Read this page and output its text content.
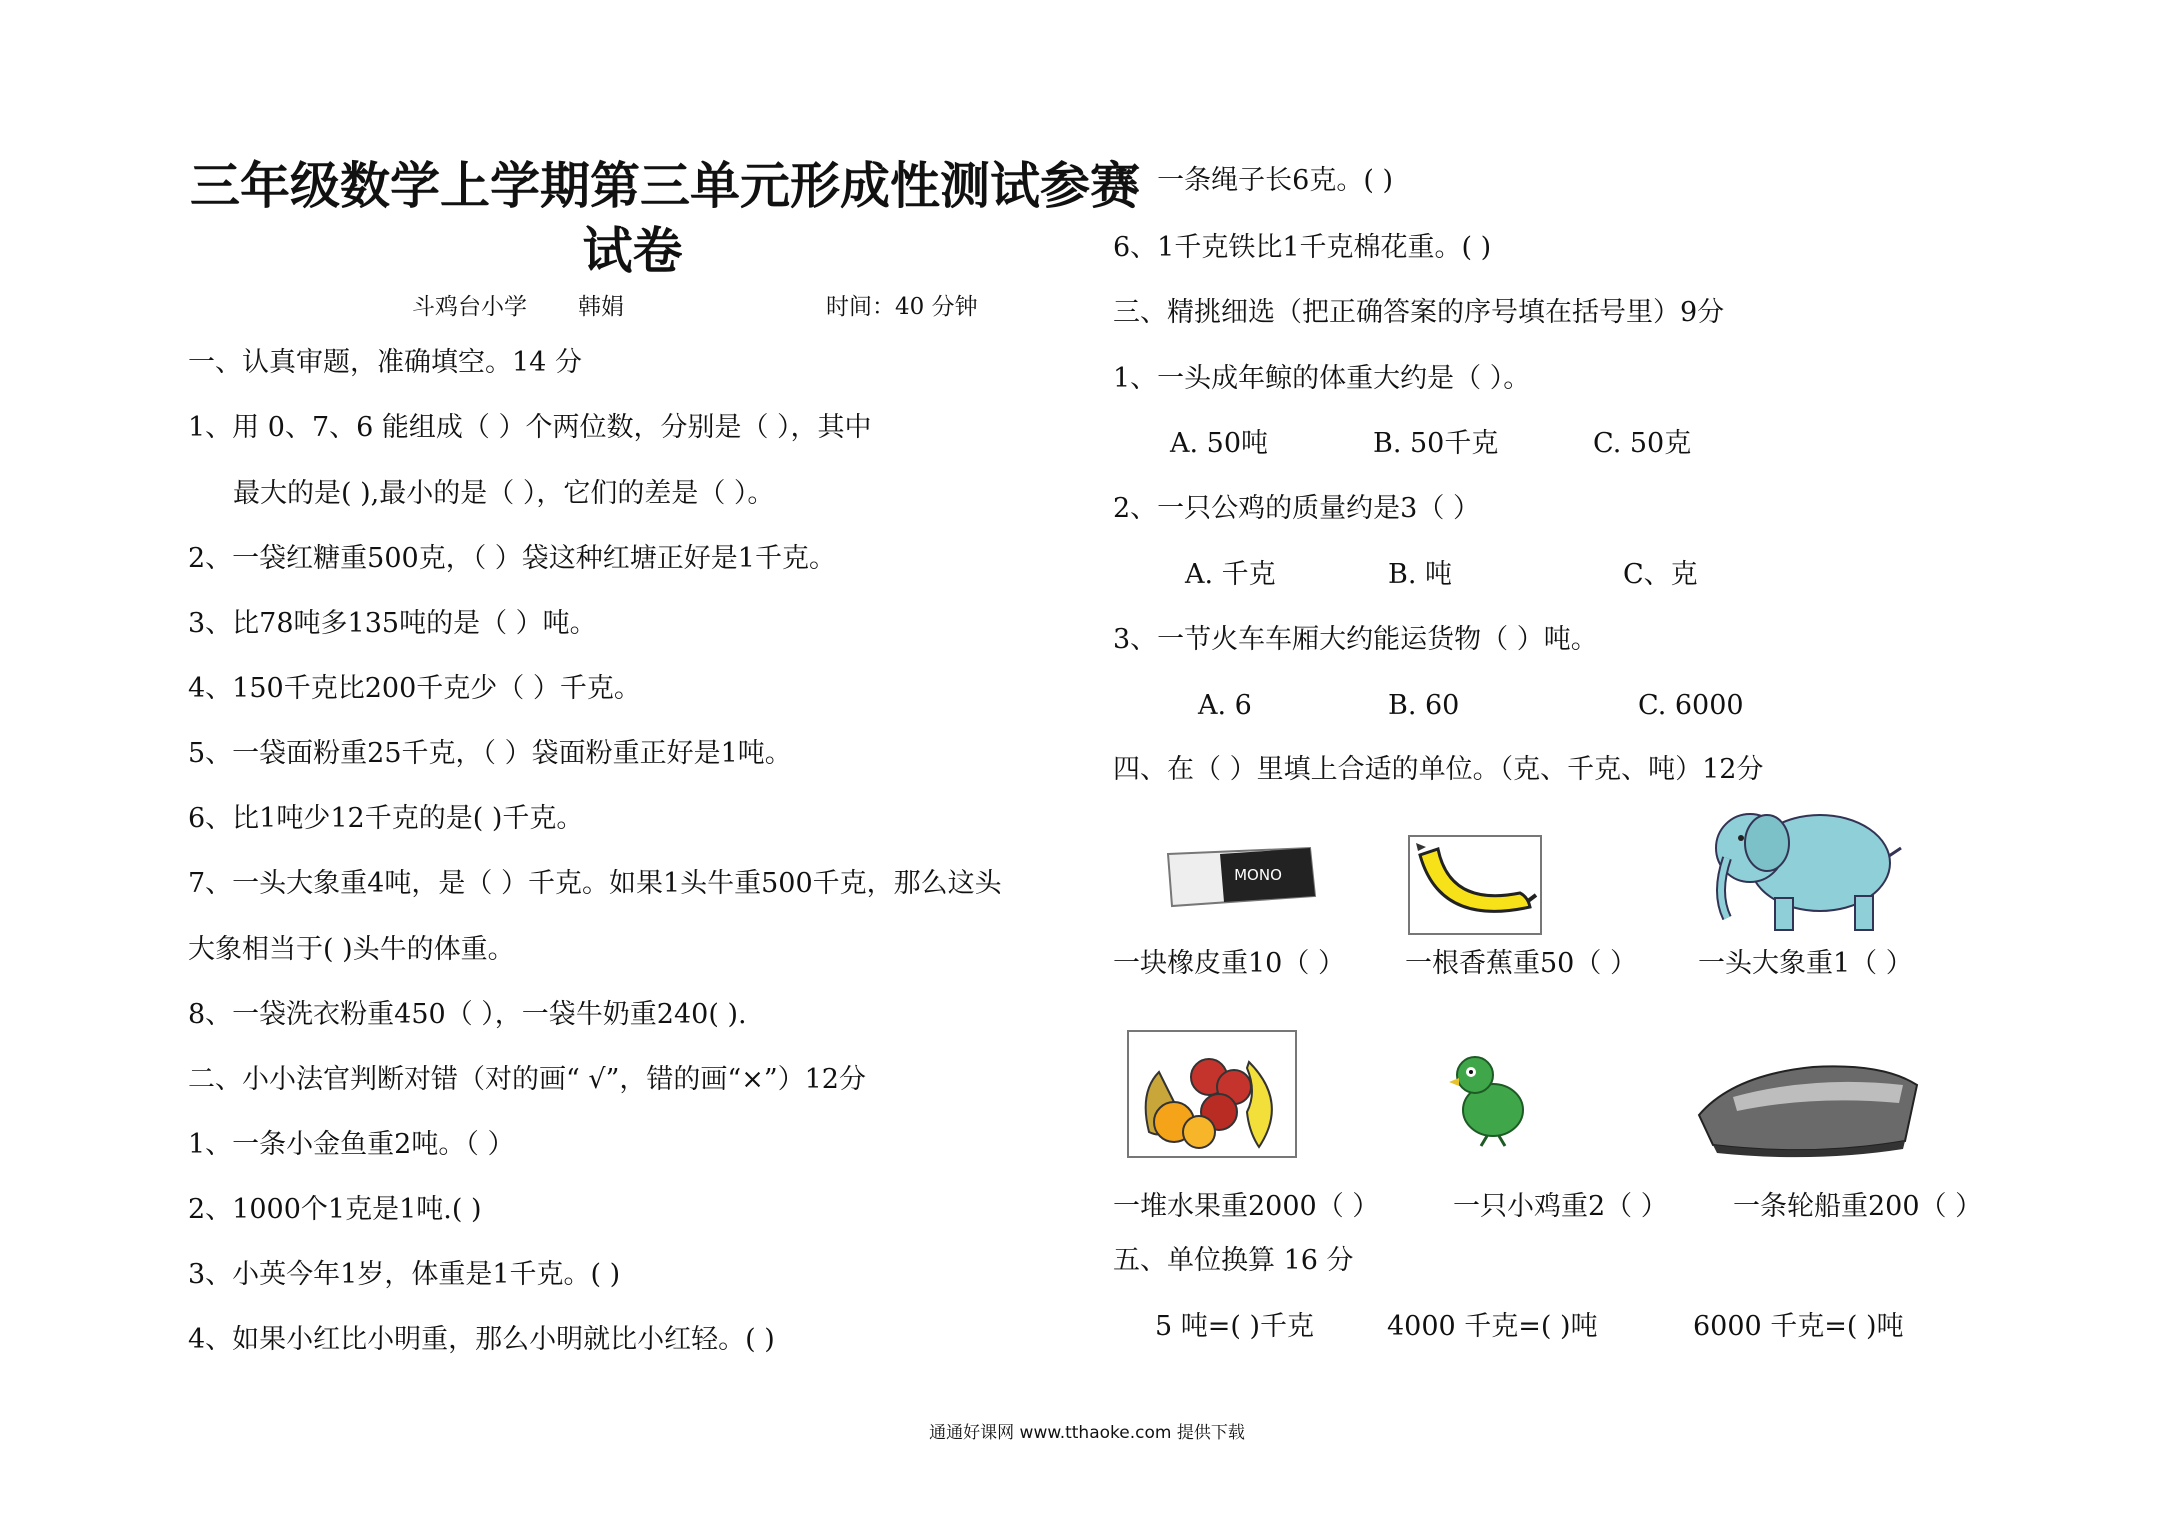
三年级数学上学期第三单元形成性测试参赛
试卷
斗鸡台小学 韩娟	时间：40 分钟
一、认真审题，准确填空。14 分
1、用 0、7、6 能组成（ ）个两位数，分别是（ ），其中
最大的是( ),最小的是（ ），它们的差是（ ）。
2、一袋红糖重500克，（ ）袋这种红塘正好是1千克。
3、比78吨多135吨的是（ ）吨。
4、150千克比200千克少（ ）千克。
5、一袋面粉重25千克，（ ）袋面粉重正好是1吨。
6、比1吨少12千克的是( )千克。
7、一头大象重4吨，是（ ）千克。如果1头牛重500千克，那么这头
大象相当于( )头牛的体重。
8、一袋洗衣粉重450（ ），一袋牛奶重240( ).
二、小小法官判断对错（对的画“ √”，错的画“×”）12分
1、一条小金鱼重2吨。（ ）
2、1000个1克是1吨.( )
3、小英今年1岁，体重是1千克。( )
4、如果小红比小明重，那么小明就比小红轻。( )
5、一条绳子长6克。( )
6、1千克铁比1千克棉花重。( )
三、精挑细选（把正确答案的序号填在括号里）9分
1、一头成年鲸的体重大约是（ ）。
A. 50吨	B. 50千克	C. 50克
2、一只公鸡的质量约是3（ ）
A. 千克	B. 吨	C、克
3、一节火车车厢大约能运货物（ ）吨。
A. 6	B. 60	C. 6000
四、在（ ）里填上合适的单位。（克、千克、吨）12分
MONO
一块橡皮重10（ ） 一根香蕉重50（ ） 一头大象重1（ ）
一堆水果重2000（ ）	一只小鸡重2（ ） 一条轮船重200（ ）
五、单位换算 16 分
5 吨=( )千克	4000 千克=( )吨	6000 千克=( )吨
通通好课网 www.tthaoke.com 提供下载
